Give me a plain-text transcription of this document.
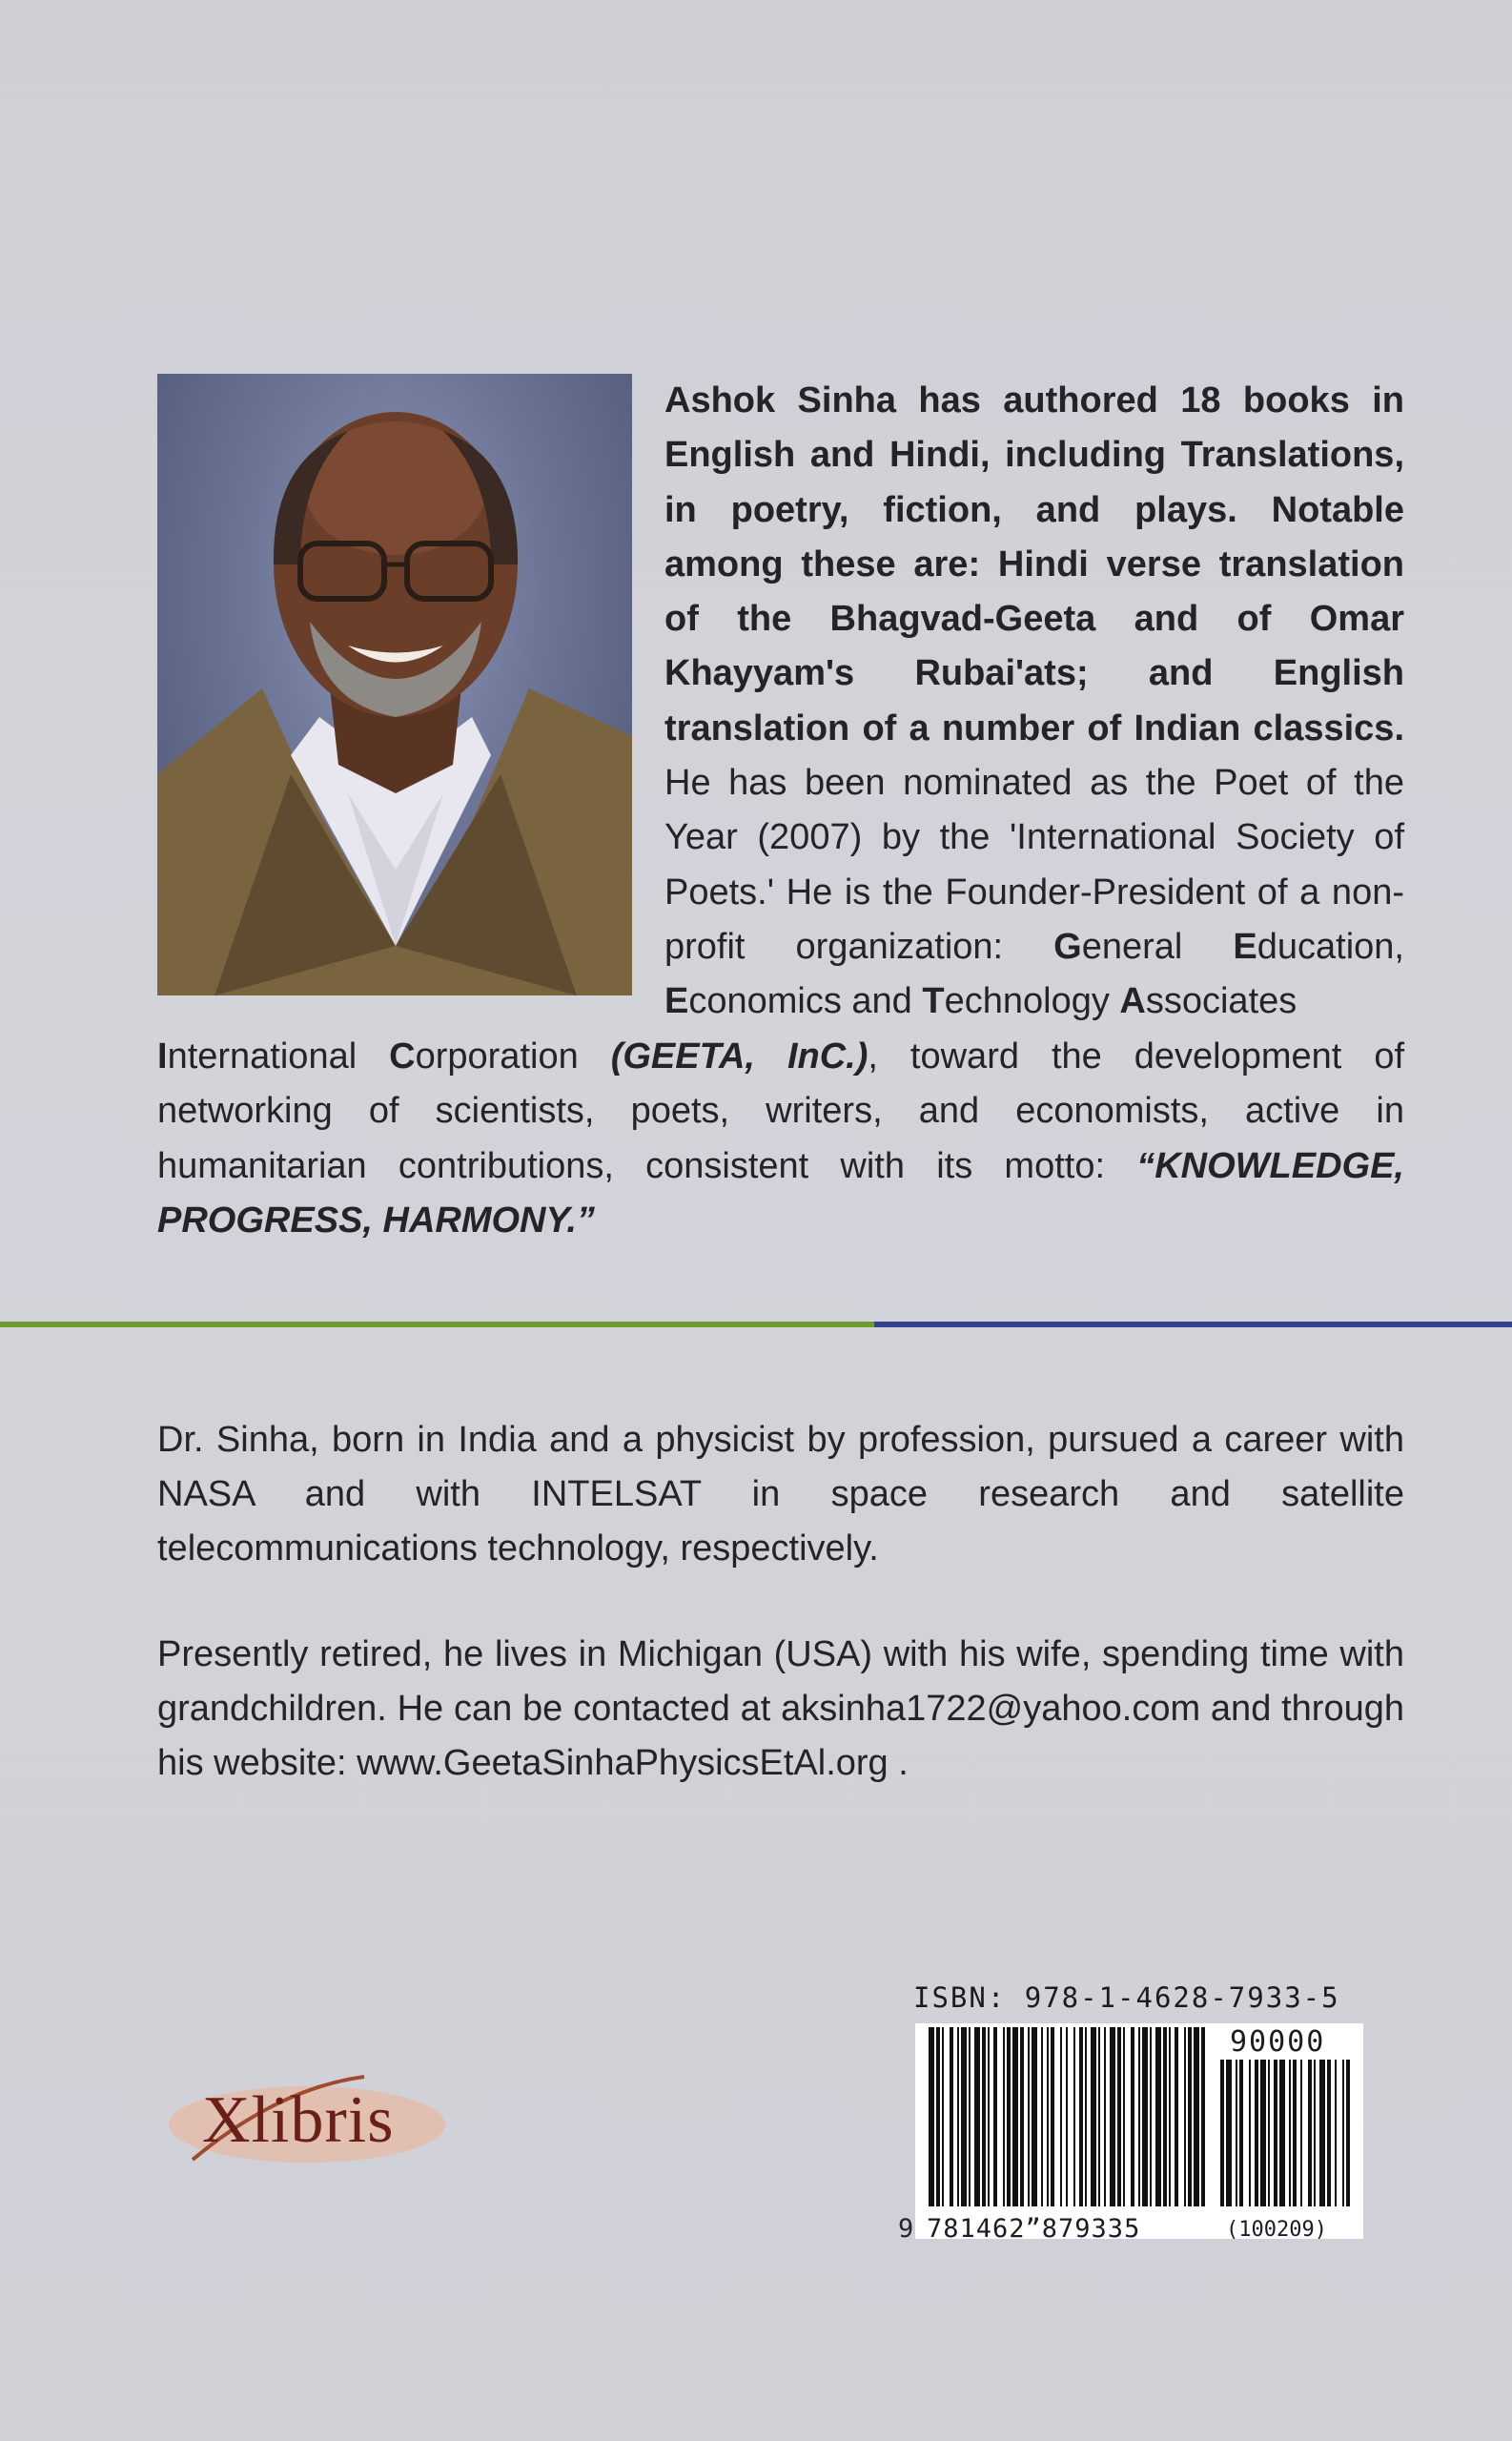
Ashok Sinha has authored 18 books in English and Hindi, including Translations, in poetry, fiction, and plays. Notable among these are: Hindi verse translation of the Bhagvad-Geeta and of Omar Khayyam's Rubai'ats; and English translation of a number of Indian classics. He has been nominated as the Poet of the Year (2007) by the 'International Society of Poets.' He is the Founder-President of a non-profit organization: General Education, Economics and Technology Associates
International Corporation (GEETA, InC.), toward the development of networking of scientists, poets, writers, and economists, active in humanitarian contributions, consistent with its motto: “KNOWLEDGE, PROGRESS, HARMONY.”
Dr. Sinha, born in India and a physicist by profession, pursued a career with NASA and with INTELSAT in space research and satellite telecommunications technology, respectively.
Presently retired, he lives in Michigan (USA) with his wife, spending time with grandchildren. He can be contacted at aksinha1722@yahoo.com and through his website: www.GeetaSinhaPhysicsEtAl.org .
Xlibris
ISBN: 978-1-4628-7933-5
90000
9 781462”879335	(100209)
